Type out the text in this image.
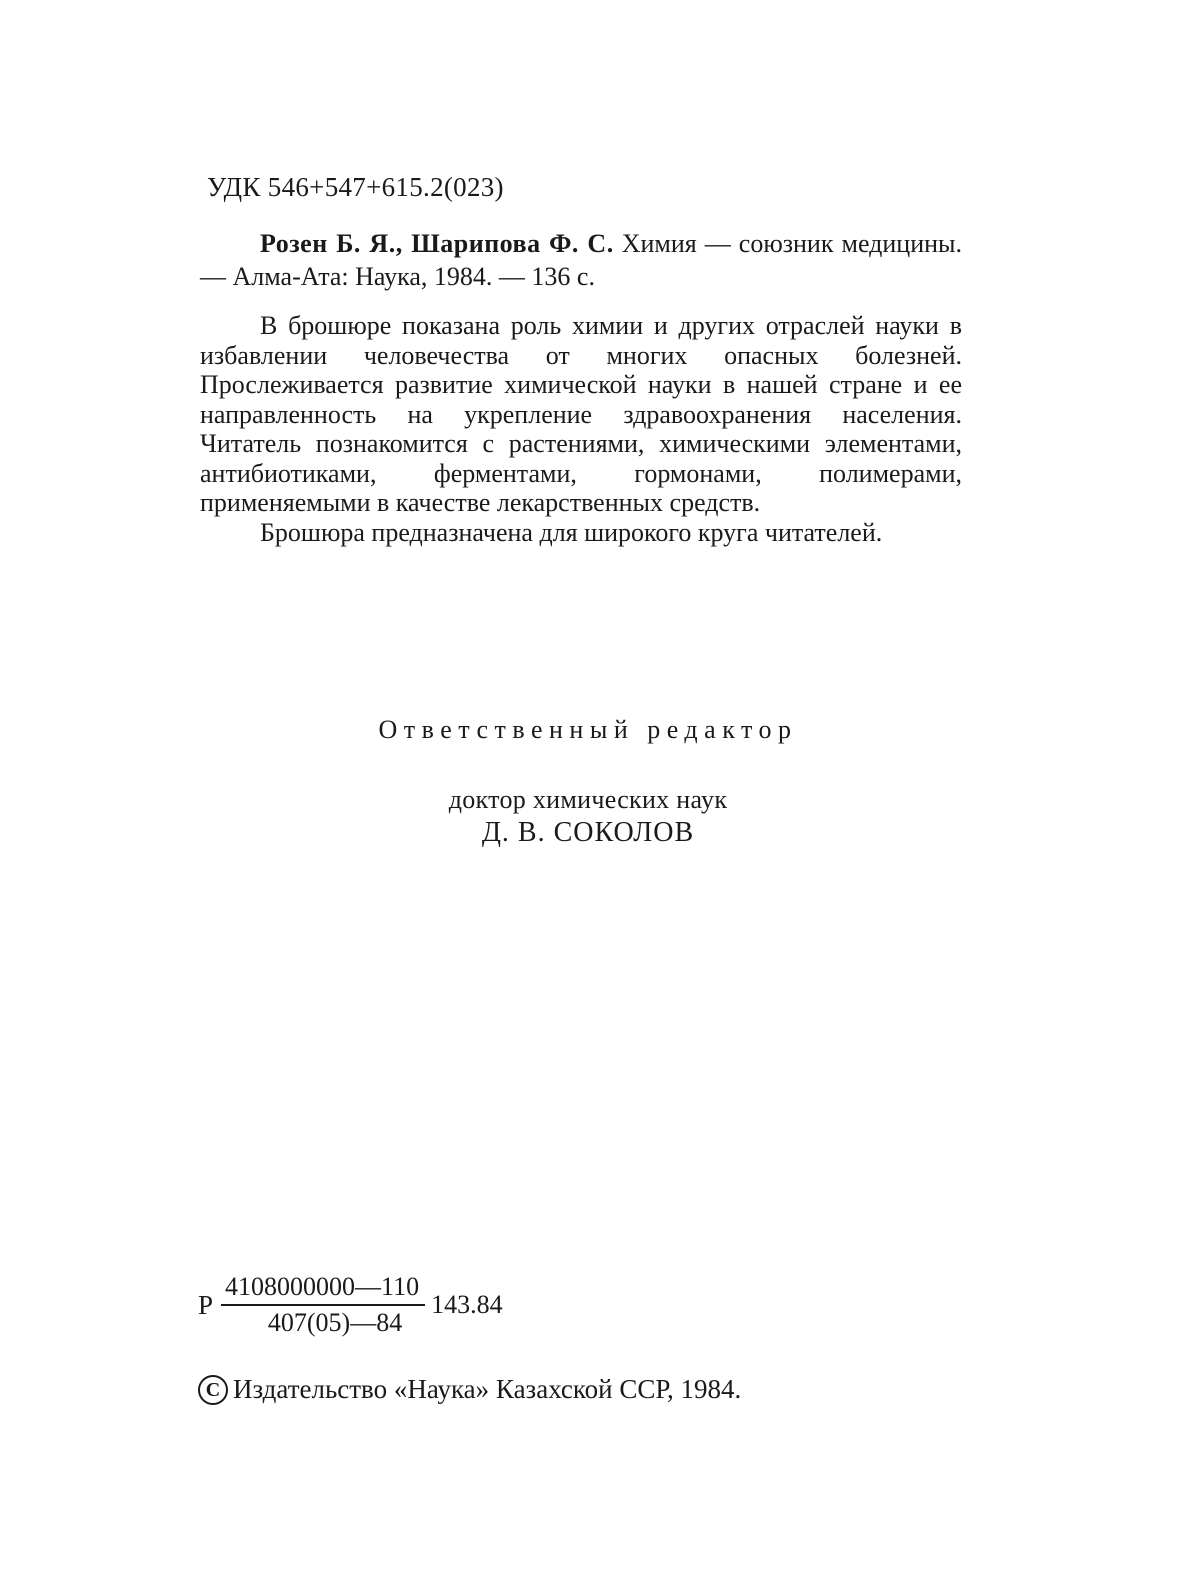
УДК 546+547+615.2(023)
Розен Б. Я., Шарипова Ф. С. Химия — союзник медицины. — Алма-Ата: Наука, 1984. — 136 с.

В брошюре показана роль химии и других отраслей науки в избавлении человечества от многих опасных болезней. Прослеживается развитие химической науки в нашей стране и ее направленность на укрепление здравоохранения населения. Читатель познакомится с растениями, химическими элементами, антибиотиками, ферментами, гормонами, полимерами, применяемыми в качестве лекарственных средств.

Брошюра предназначена для широкого круга читателей.

Ответственный редактор

доктор химических наук

Д. В. СОКОЛОВ

Р $\frac{4108000000—110}{407(05)—84} 143.84$
С Издательство «Наука» Казахской ССР, 1984.
